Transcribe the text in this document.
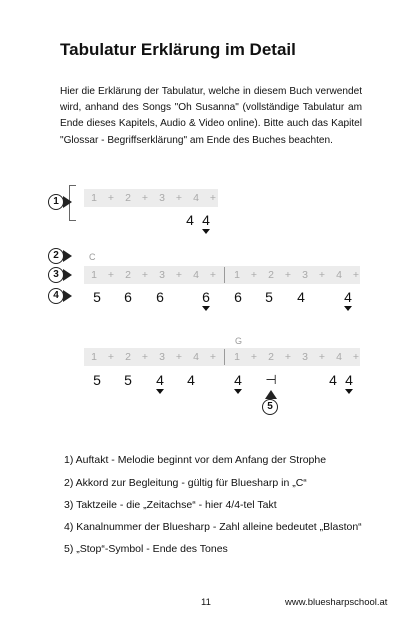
Tabulatur Erklärung im Detail
Hier die Erklärung der Tabulatur, welche in diesem Buch verwendet wird, anhand des Songs "Oh Susanna" (vollständige Tabulatur am Ende dieses Kapitels, Audio & Video online). Bitte auch das Kapitel "Glossar - Begriffserklärung" am Ende des Buches beachten.
1	1 + 2 + 3 + 4 +
4 4
2
3
4
C
1 + 2 + 3 + 4 + 1 + 2 + 3 + 4 +
5 6 6	6 6 5 4	4
G
1 + 2 + 3 + 4 + 1 + 2 + 3 + 4 +
5 5 4 4	4 ⊣	4 4
5
1) Auftakt - Melodie beginnt vor dem Anfang der Strophe
2) Akkord zur Begleitung - gültig für Bluesharp in „C“
3) Taktzeile - die „Zeitachse“ - hier 4/4-tel Takt
4) Kanalnummer der Bluesharp - Zahl alleine bedeutet „Blaston“
5) „Stop“-Symbol - Ende des Tones
11	www.bluesharpschool.at
